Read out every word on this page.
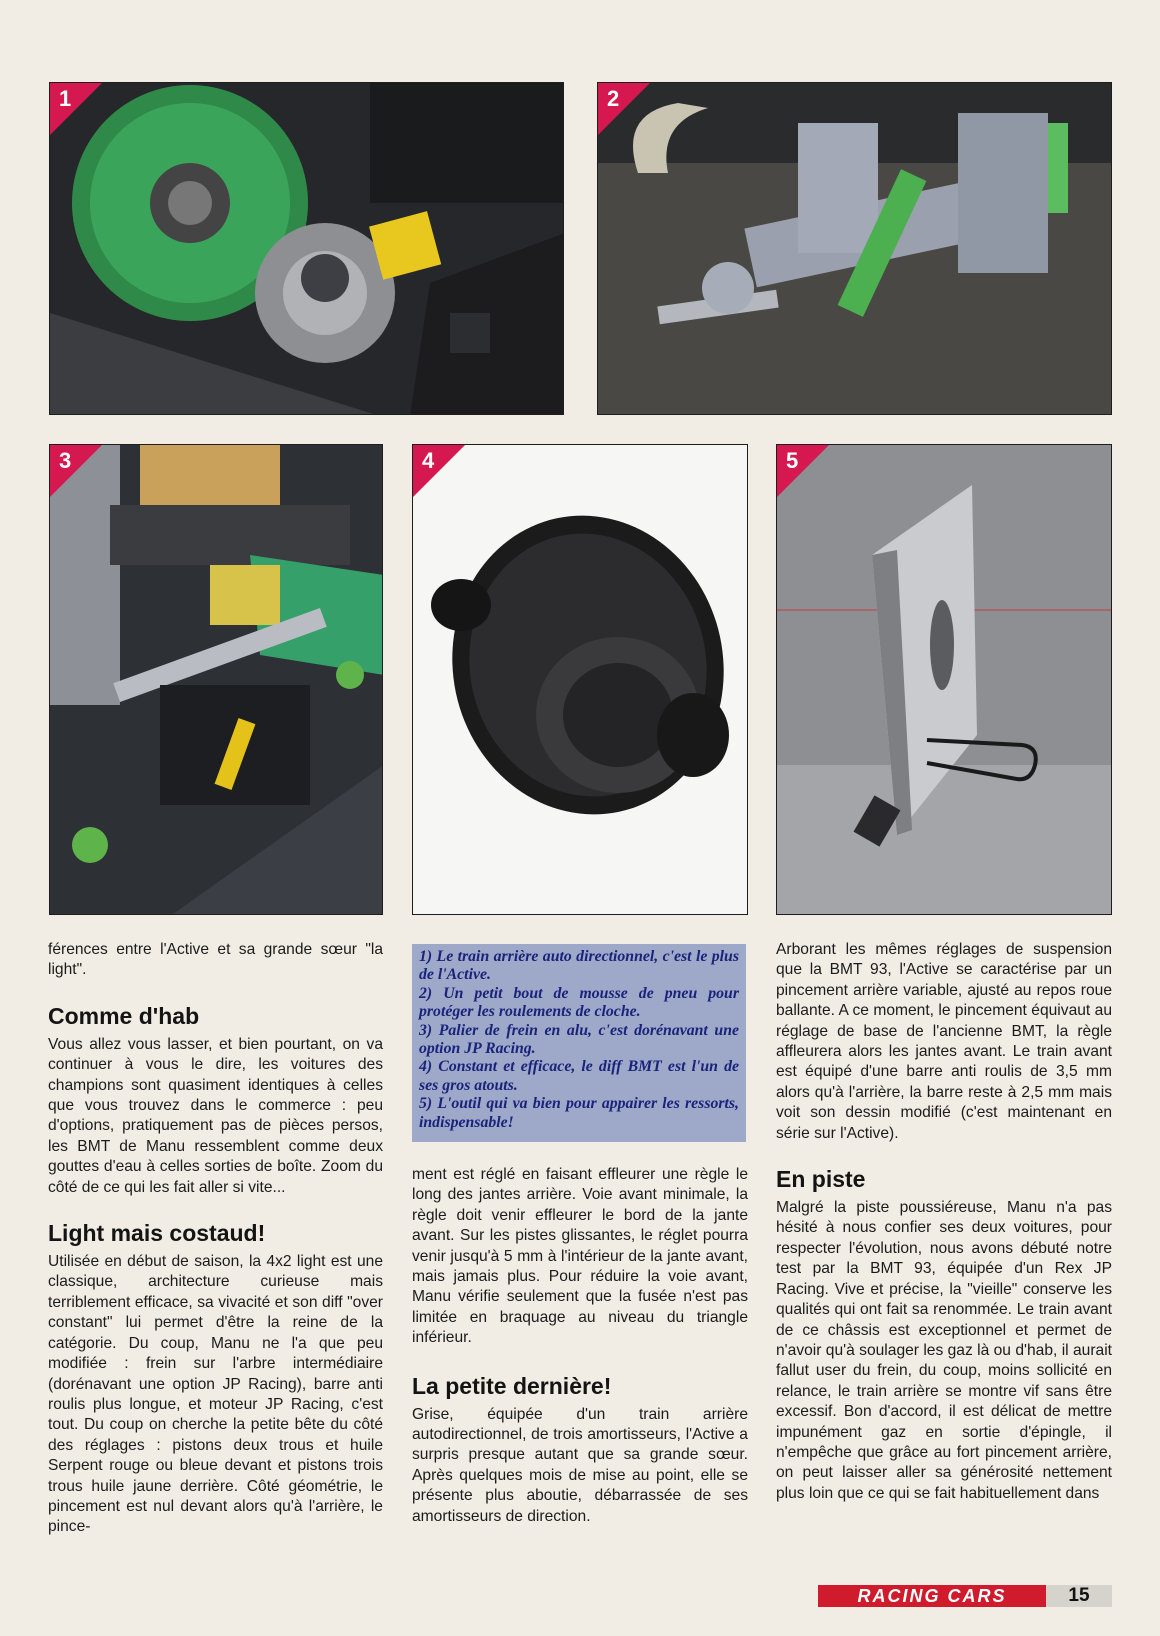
1	2
3	4	5

férences entre l'Active et sa grande sœur "la light".

Comme d'hab

Vous allez vous lasser, et bien pourtant, on va continuer à vous le dire, les voitures des champions sont quasiment identiques à celles que vous trouvez dans le commerce : peu d'options, pratiquement pas de pièces persos, les BMT de Manu ressemblent comme deux gouttes d'eau à celles sorties de boîte. Zoom du côté de ce qui les fait aller si vite...

Light mais costaud!

Utilisée en début de saison, la 4x2 light est une classique, architecture curieuse mais terriblement efficace, sa vivacité et son diff "over constant" lui permet d'être la reine de la catégorie. Du coup, Manu ne l'a que peu modifiée : frein sur l'arbre intermédiaire (dorénavant une option JP Racing), barre anti roulis plus longue, et moteur JP Racing, c'est tout. Du coup on cherche la petite bête du côté des réglages : pistons deux trous et huile Serpent rouge ou bleue devant et pistons trois trous huile jaune derrière. Côté géométrie, le pincement est nul devant alors qu'à l'arrière, le pince-

1) Le train arrière auto directionnel, c'est le plus de l'Active.

2) Un petit bout de mousse de pneu pour protéger les roulements de cloche.

3) Palier de frein en alu, c'est dorénavant une option JP Racing.

4) Constant et efficace, le diff BMT est l'un de ses gros atouts.

5) L'outil qui va bien pour appairer les ressorts, indispensable!

ment est réglé en faisant effleurer une règle le long des jantes arrière. Voie avant minimale, la règle doit venir effleurer le bord de la jante avant. Sur les pistes glissantes, le réglet pourra venir jusqu'à 5 mm à l'intérieur de la jante avant, mais jamais plus. Pour réduire la voie avant, Manu vérifie seulement que la fusée n'est pas limitée en braquage au niveau du triangle inférieur.

La petite dernière!

Grise, équipée d'un train arrière autodirectionnel, de trois amortisseurs, l'Active a surpris presque autant que sa grande sœur. Après quelques mois de mise au point, elle se présente plus aboutie, débarrassée de ses amortisseurs de direction.

Arborant les mêmes réglages de suspension que la BMT 93, l'Active se caractérise par un pincement arrière variable, ajusté au repos roue ballante. A ce moment, le pincement équivaut au réglage de base de l'ancienne BMT, la règle affleurera alors les jantes avant. Le train avant est équipé d'une barre anti roulis de 3,5 mm alors qu'à l'arrière, la barre reste à 2,5 mm mais voit son dessin modifié (c'est maintenant en série sur l'Active).

En piste

Malgré la piste poussiéreuse, Manu n'a pas hésité à nous confier ses deux voitures, pour respecter l'évolution, nous avons débuté notre test par la BMT 93, équipée d'un Rex JP Racing. Vive et précise, la "vieille" conserve les qualités qui ont fait sa renommée. Le train avant de ce châssis est exceptionnel et permet de n'avoir qu'à soulager les gaz là ou d'hab, il aurait fallut user du frein, du coup, moins sollicité en relance, le train arrière se montre vif sans être excessif. Bon d'accord, il est délicat de mettre impunément gaz en sortie d'épingle, il n'empêche que grâce au fort pincement arrière, on peut laisser aller sa générosité nettement plus loin que ce qui se fait habituellement dans

RACING CARS	15
